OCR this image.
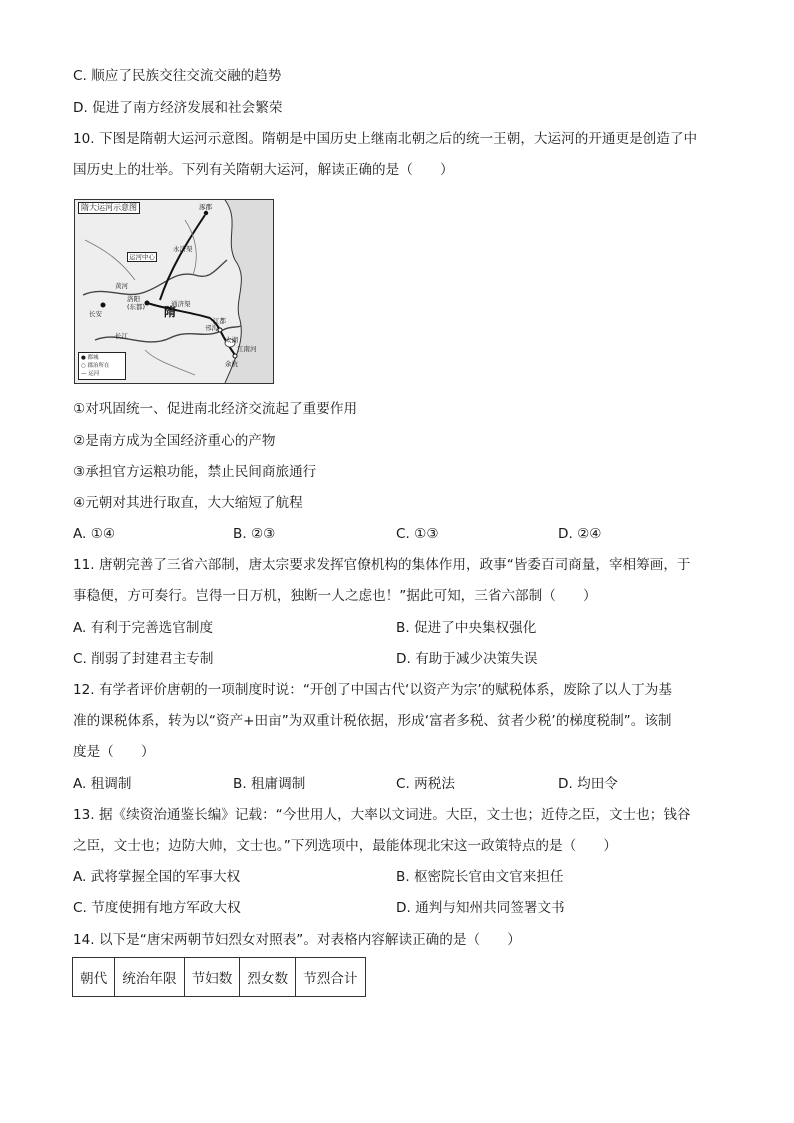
C. 顺应了民族交往交流交融的趋势
D. 促进了南方经济发展和社会繁荣
10. 下图是隋朝大运河示意图。隋朝是中国历史上继南北朝之后的统一王朝，大运河的开通更是创造了中
国历史上的壮举。下列有关隋朝大运河，解读正确的是（　　）
隋大运河示意图
运河中心
隋
涿郡
洛阳
(东都)
长安
江都
余杭
通济渠
永济渠
邗沟
江南河
太湖
黄河
长江
● 都城
○ 郡治所在
— 运河
①对巩固统一、促进南北经济交流起了重要作用
②是南方成为全国经济重心的产物
③承担官方运粮功能，禁止民间商旅通行
④元朝对其进行取直，大大缩短了航程
A. ①④	B. ②③	C. ①③	D. ②④
11. 唐朝完善了三省六部制，唐太宗要求发挥官僚机构的集体作用，政事“皆委百司商量，宰相筹画，于
事稳便，方可奏行。岂得一日万机，独断一人之虑也！”据此可知，三省六部制（　　）
A. 有利于完善选官制度	B. 促进了中央集权强化
C. 削弱了封建君主专制	D. 有助于减少决策失误
12. 有学者评价唐朝的一项制度时说：“开创了中国古代‘以资产为宗’的赋税体系，废除了以人丁为基
准的课税体系，转为以“资产+田亩”为双重计税依据，形成‘富者多税、贫者少税’的梯度税制”。该制
度是（　　）
A. 租调制	B. 租庸调制	C. 两税法	D. 均田令
13. 据《续资治通鉴长编》记载：“今世用人，大率以文词进。大臣，文士也；近侍之臣，文士也；钱谷
之臣，文士也；边防大帅，文士也。”下列选项中，最能体现北宋这一政策特点的是（　　）
A. 武将掌握全国的军事大权	B. 枢密院长官由文官来担任
C. 节度使拥有地方军政大权	D. 通判与知州共同签署文书
14. 以下是“唐宋两朝节妇烈女对照表”。对表格内容解读正确的是（　　）
朝代	统治年限	节妇数	烈女数	节烈合计
